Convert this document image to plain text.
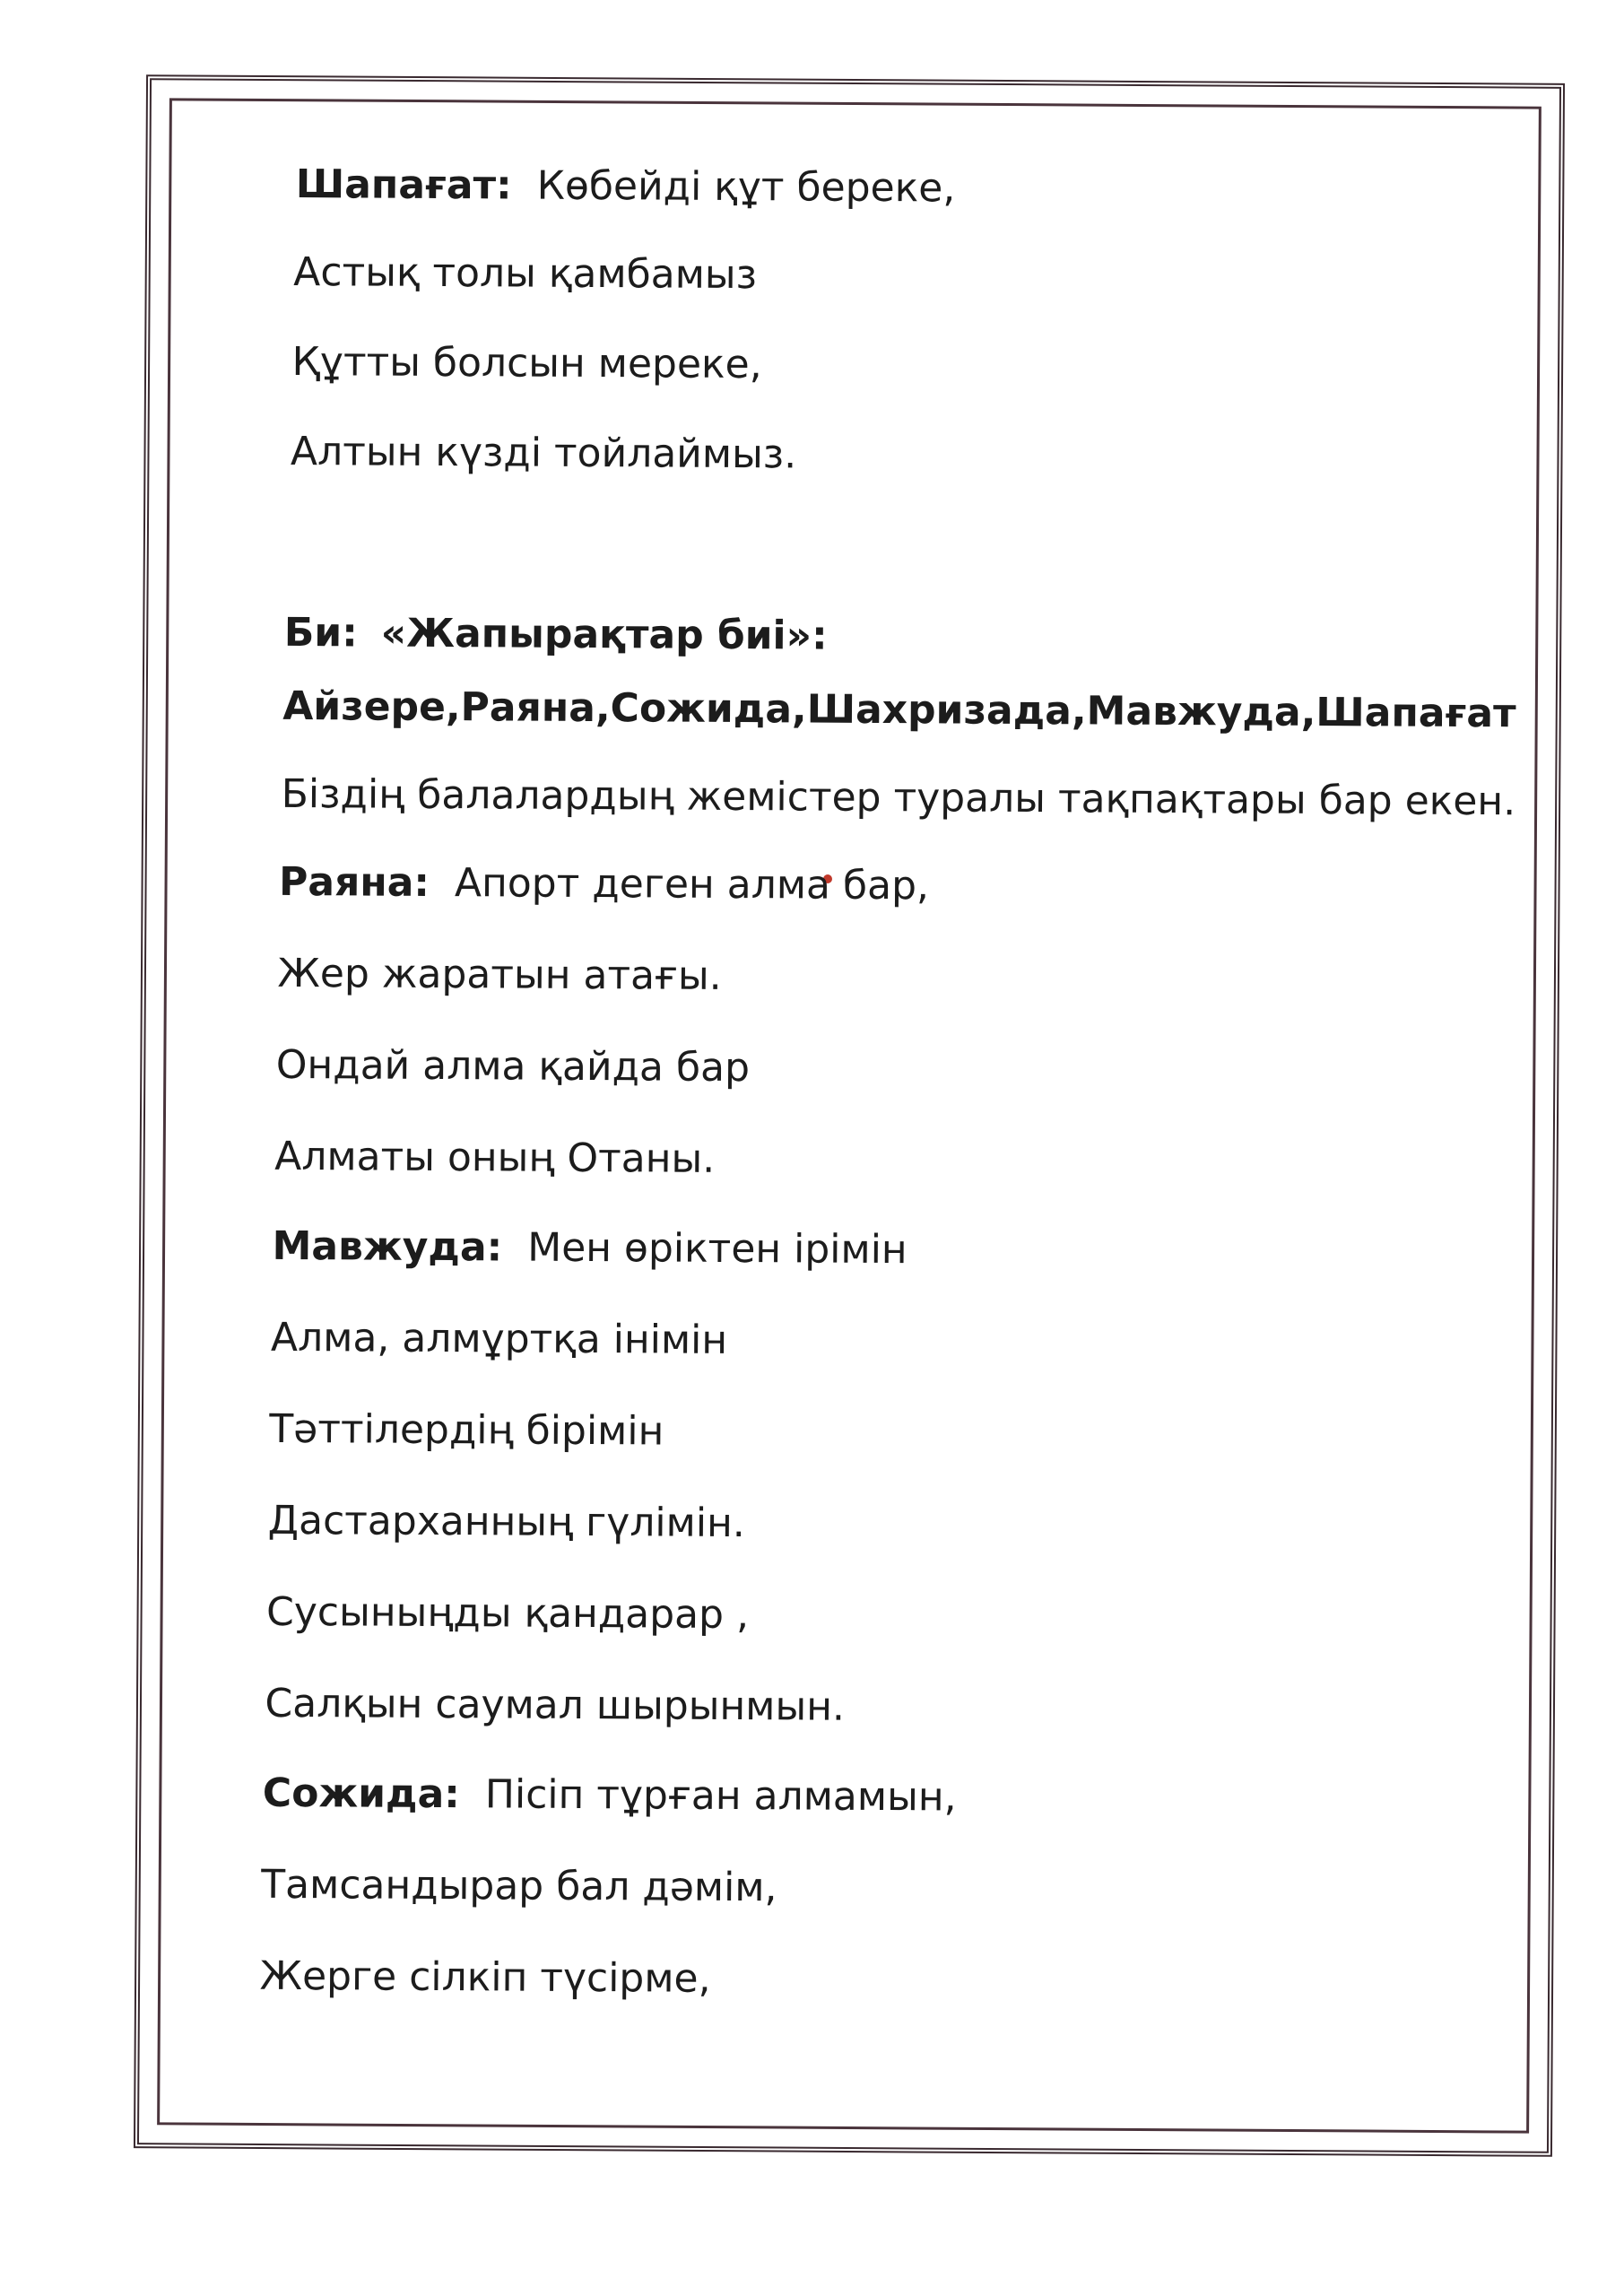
Шапағат: Көбейді құт береке,
Астық толы қамбамыз
Құтты болсын мереке,
Алтын күзді тойлаймыз.
Би: «Жапырақтар биі»:
Айзере,Раяна,Сожида,Шахризада,Мавжуда,Шапағат
Біздің балалардың жемістер туралы тақпақтары бар екен.
Раяна: Апорт деген алма бар,
Жер жаратын атағы.
Ондай алма қайда бар
Алматы оның Отаны.
Мавжуда: Мен өріктен ірімін
Алма, алмұртқа інімін
Тәттілердің бірімін
Дастарханның гүлімін.
Сусыныңды қандарар ,
Салқын саумал шырынмын.
Сожида: Пісіп тұрған алмамын,
Тамсандырар бал дәмім,
Жерге сілкіп түсірме,
